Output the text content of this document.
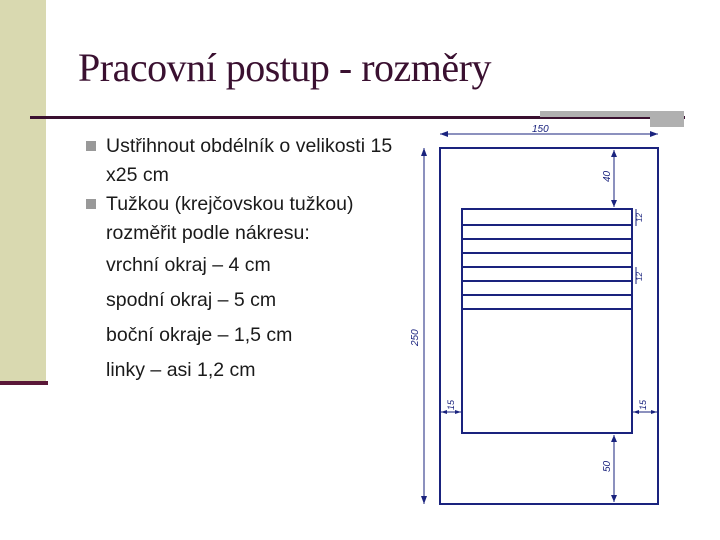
Pracovní postup - rozměry
Ustřihnout obdélník o velikosti 15 x25 cm
Tužkou (krejčovskou tužkou) rozměřit podle nákresu:
vrchní okraj – 4 cm
spodní okraj – 5 cm
boční okraje – 1,5 cm
linky – asi 1,2 cm
150
250
40
50
15	15
12
12
